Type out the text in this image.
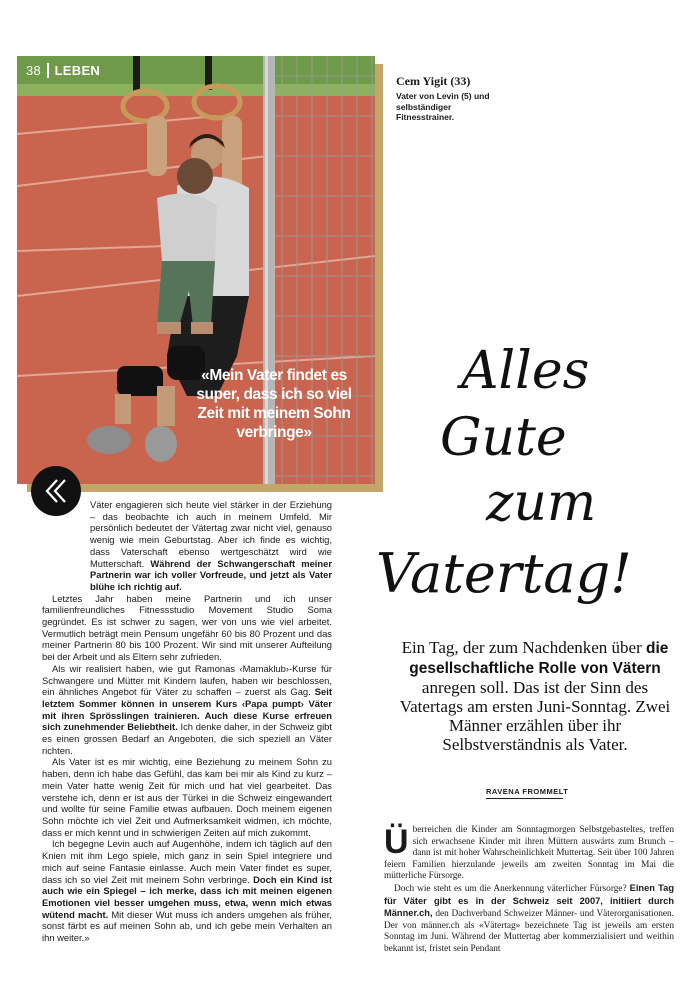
38 LEBEN
«Mein Vater findet es super, dass ich so viel Zeit mit meinem Sohn verbringe»
Cem Yigit (33)
Vater von Levin (5) und selbständiger Fitnesstrainer.
Alles
Gute
zum
Vatertag!
Ein Tag, der zum Nachdenken über die gesellschaftliche Rolle von Vätern anregen soll. Das ist der Sinn des Vatertags am ersten Juni-Sonntag. Zwei Männer erzählen über ihr Selbstverständnis als Vater.
RAVENA FROMMELT

Väter engagieren sich heute viel stärker in der Erziehung – das beobachte ich auch in meinem Umfeld. Mir persönlich bedeutet der Vätertag zwar nicht viel, genauso wenig wie mein Geburtstag. Aber ich finde es wichtig, dass Vaterschaft ebenso wertgeschätzt wird wie Mutterschaft. Während der Schwangerschaft meiner Partnerin war ich voller Vorfreude, und jetzt als Vater blühe ich richtig auf.

Letztes Jahr haben meine Partnerin und ich unser familienfreundliches Fitnessstudio Movement Studio Soma gegründet. Es ist schwer zu sagen, wer von uns wie viel arbeitet. Vermutlich beträgt mein Pensum ungefähr 60 bis 80 Prozent und das meiner Partnerin 80 bis 100 Prozent. Wir sind mit unserer Aufteilung bei der Arbeit und als Eltern sehr zufrieden.

Als wir realisiert haben, wie gut Ramonas ‹Mamaklub›-Kurse für Schwangere und Mütter mit Kindern laufen, haben wir beschlossen, ein ähnliches Angebot für Väter zu schaffen – zuerst als Gag. Seit letztem Sommer können in unserem Kurs ‹Papa pumpt› Väter mit ihren Sprösslingen trainieren. Auch diese Kurse erfreuen sich zunehmender Beliebtheit. Ich denke daher, in der Schweiz gibt es einen grossen Bedarf an Angeboten, die sich speziell an Väter richten.

Als Vater ist es mir wichtig, eine Beziehung zu meinem Sohn zu haben, denn ich habe das Gefühl, das kam bei mir als Kind zu kurz – mein Vater hatte wenig Zeit für mich und hat viel gearbeitet. Das verstehe ich, denn er ist aus der Türkei in die Schweiz eingewandert und wollte für seine Familie etwas aufbauen. Doch meinem eigenen Sohn möchte ich viel Zeit und Aufmerksamkeit widmen, ich möchte, dass er mich kennt und in schwierigen Zeiten auf mich zukommt.

Ich begegne Levin auch auf Augenhöhe, indem ich täglich auf den Knien mit ihm Lego spiele, mich ganz in sein Spiel integriere und mich auf seine Fantasie einlasse. Auch mein Vater findet es super, dass ich so viel Zeit mit meinem Sohn verbringe. Doch ein Kind ist auch wie ein Spiegel – ich merke, dass ich mit meinen eigenen Emotionen viel besser umgehen muss, etwa, wenn mich etwas wütend macht. Mit dieser Wut muss ich anders umgehen als früher, sonst färbt es auf meinen Sohn ab, und ich gebe mein Verhalten an ihn weiter.»

Überreichen die Kinder am Sonntagmorgen Selbstgebasteltes, treffen sich erwachsene Kinder mit ihren Müttern auswärts zum Brunch – dann ist mit hoher Wahrscheinlichkeit Muttertag. Seit über 100 Jahren feiern Familien hierzulande jeweils am zweiten Sonntag im Mai die mütterliche Fürsorge.

Doch wie steht es um die Anerkennung väterlicher Fürsorge? Einen Tag für Väter gibt es in der Schweiz seit 2007, initiiert durch Männer.ch, den Dachverband Schweizer Männer- und Väterorganisationen. Der von männer.ch als «Vätertag» bezeichnete Tag ist jeweils am ersten Sonntag im Juni. Während der Muttertag aber kommerzialisiert und weithin bekannt ist, fristet sein Pendant
